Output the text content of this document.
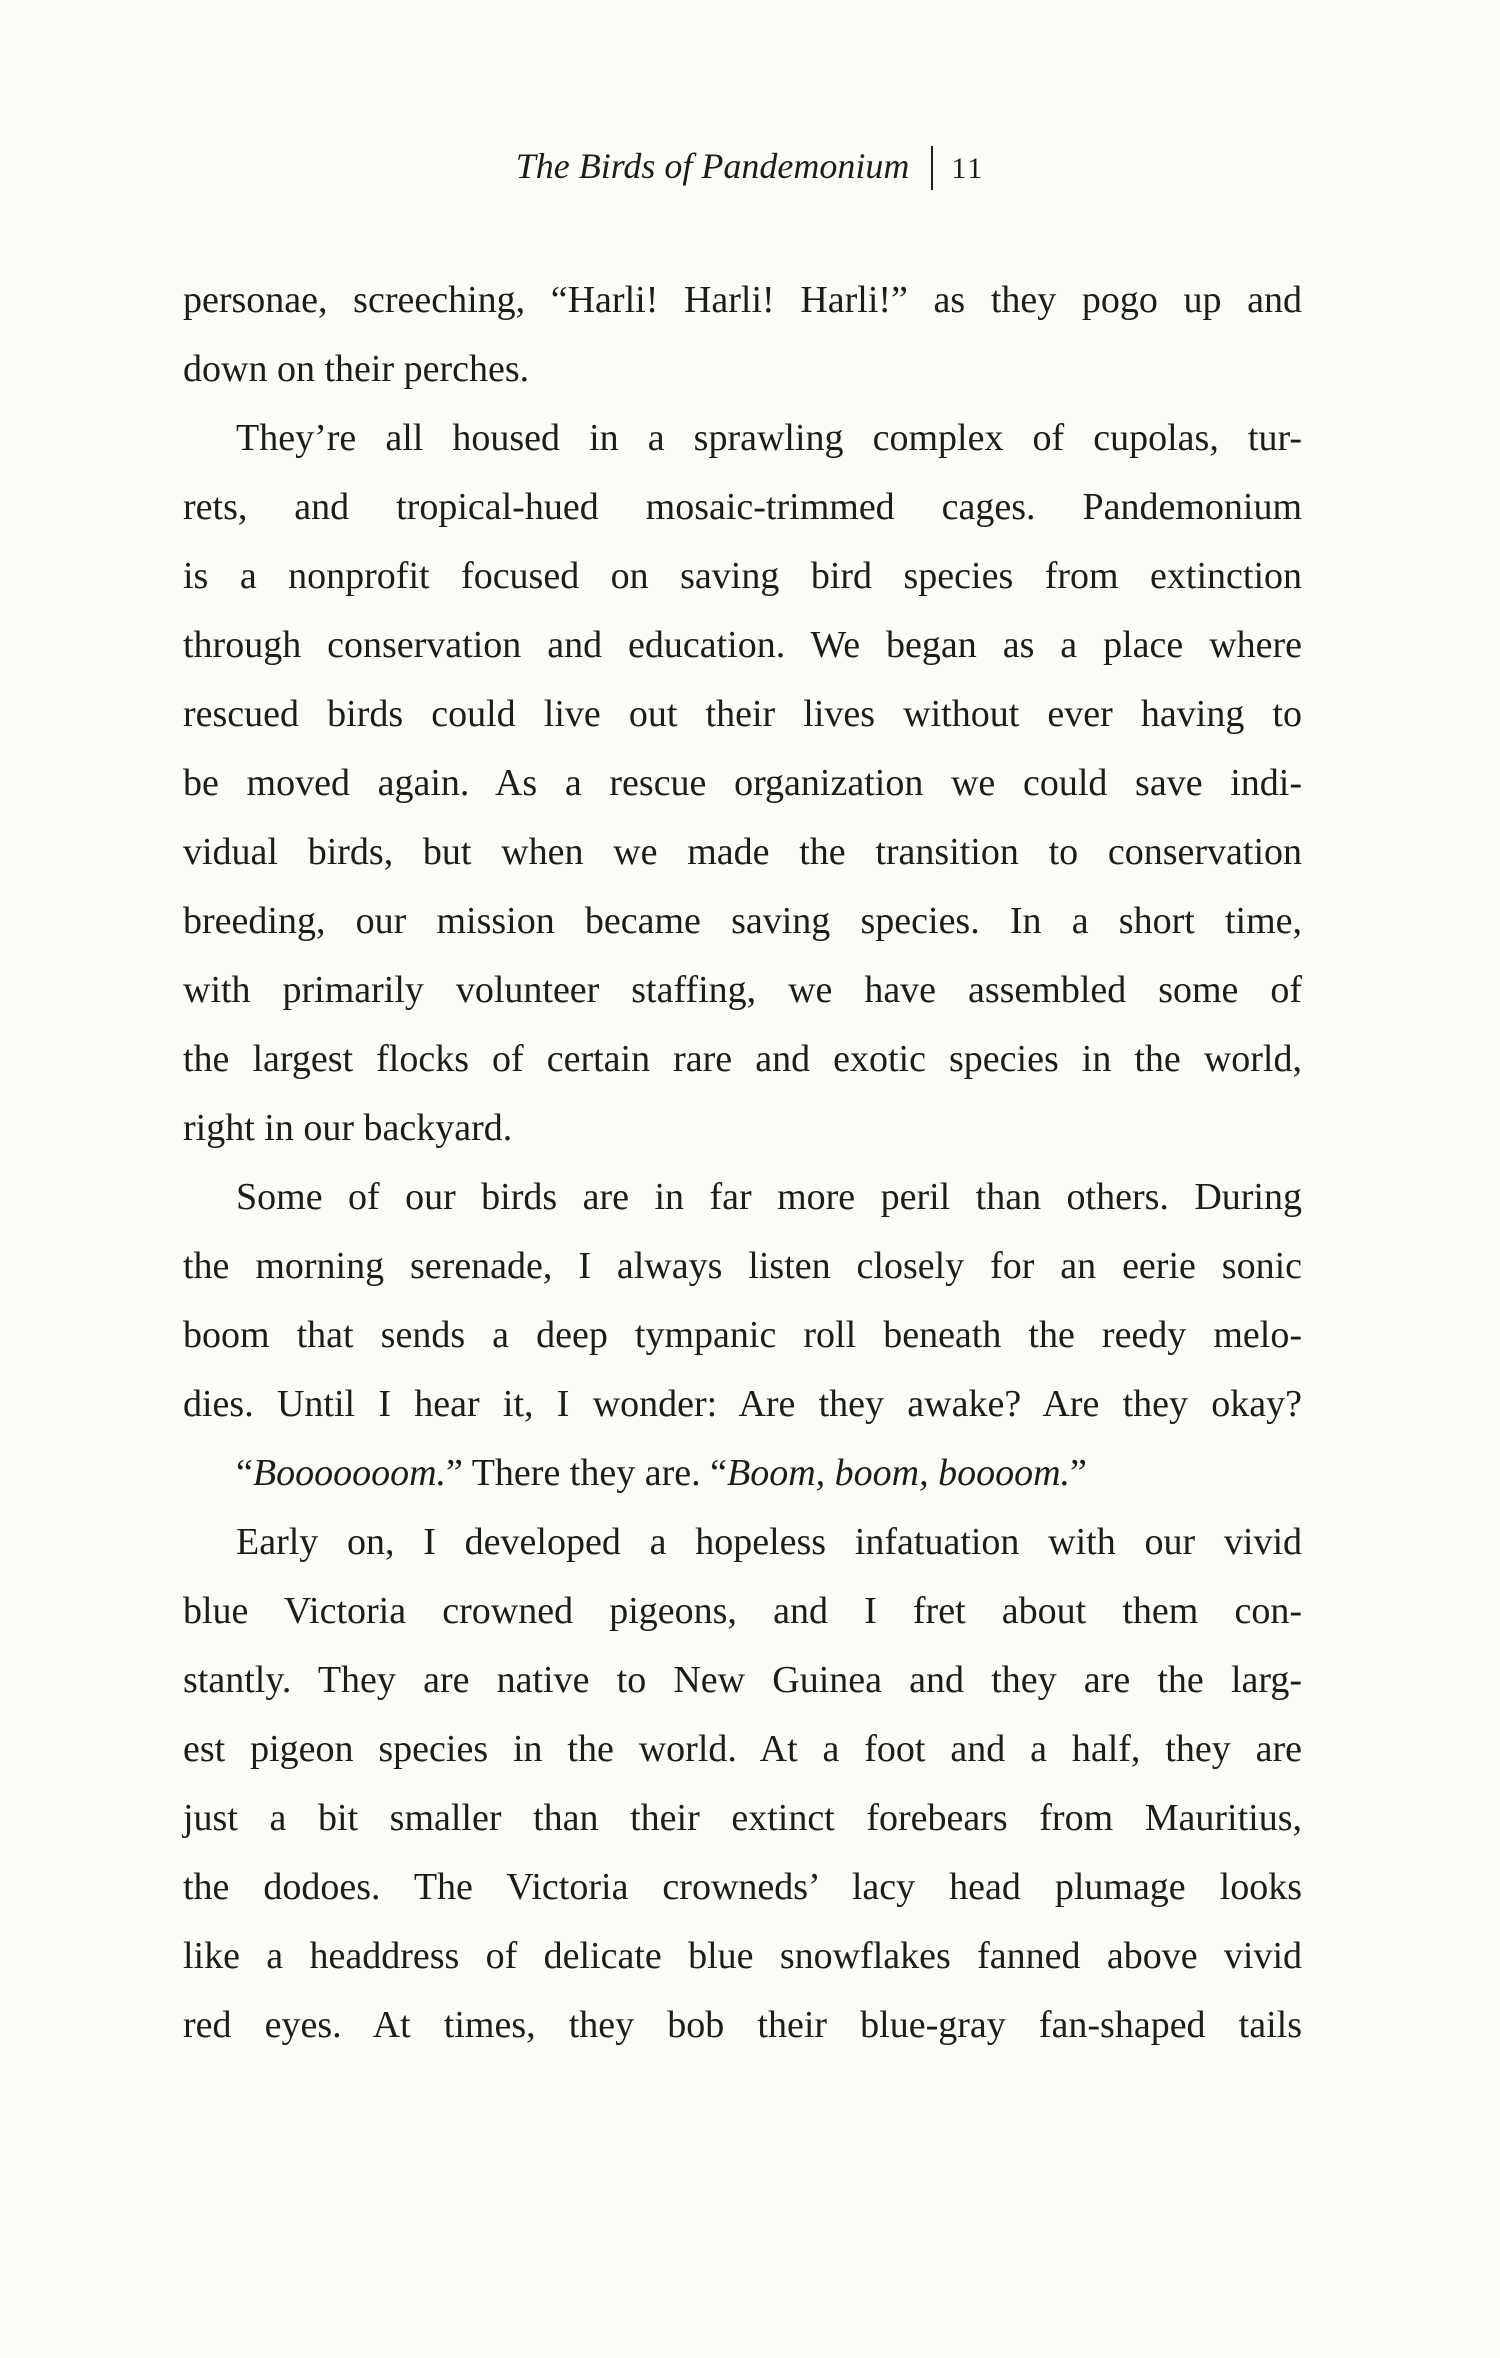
The Birds of Pandemonium 11
personae, screeching, “Harli! Harli! Harli!” as they pogo up and
down on their perches.
They’re all housed in a sprawling complex of cupolas, tur-
rets, and tropical-hued mosaic-trimmed cages. Pandemonium
is a nonprofit focused on saving bird species from extinction
through conservation and education. We began as a place where
rescued birds could live out their lives without ever having to
be moved again. As a rescue organization we could save indi-
vidual birds, but when we made the transition to conservation
breeding, our mission became saving species. In a short time,
with primarily volunteer staffing, we have assembled some of
the largest flocks of certain rare and exotic species in the world,
right in our backyard.
Some of our birds are in far more peril than others. During
the morning serenade, I always listen closely for an eerie sonic
boom that sends a deep tympanic roll beneath the reedy melo-
dies. Until I hear it, I wonder: Are they awake? Are they okay?
“Booooooom.” There they are. “Boom, boom, boooom.”
Early on, I developed a hopeless infatuation with our vivid
blue Victoria crowned pigeons, and I fret about them con-
stantly. They are native to New Guinea and they are the larg-
est pigeon species in the world. At a foot and a half, they are
just a bit smaller than their extinct forebears from Mauritius,
the dodoes. The Victoria crowneds’ lacy head plumage looks
like a headdress of delicate blue snowflakes fanned above vivid
red eyes. At times, they bob their blue-gray fan-shaped tails
